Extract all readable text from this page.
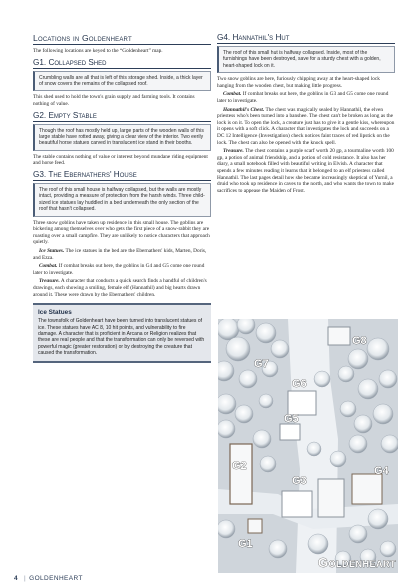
Locations in Goldenheart

The following locations are keyed to the “Goldenheart” map.

G1. Collapsed Shed

Crumbling walls are all that is left of this storage shed. Inside, a thick layer of snow covers the remains of the collapsed roof.

This shed used to hold the town's grain supply and farming tools. It contains nothing of value.

G2. Empty Stable

Though the roof has mostly held up, large parts of the wooden walls of this large stable have rotted away, giving a clear view of the interior. Two eerily beautiful horse statues carved in translucent ice stand in their booths.

The stable contains nothing of value or interest beyond mundane riding equipment and horse feed.

G3. The Ebernathers' House

The roof of this small house is halfway collapsed, but the walls are mostly intact, providing a measure of protection from the harsh winds. Three child-sized ice statues lay huddled in a bed underneath the only section of the roof that hasn't collapsed.

Three snow goblins have taken up residence in this small house. The goblins are bickering among themselves over who gets the first piece of a snow-rabbit they are roasting over a small campfire. They are unlikely to notice characters that approach quietly.

Ice Statues. The ice statues in the bed are the Ebernathers' kids, Marten, Doris, and Ezza.

Combat. If combat breaks out here, the goblins in G4 and G5 come one round later to investigate.

Treasure. A character that conducts a quick search finds a handful of children's drawings, each showing a smiling, female elf (Hannathil) and big hearts drawn around it. These were drawn by the Ebernathers' children.

Ice Statues

The townsfolk of Goldenheart have been turned into translucent statues of ice. These statues have AC 8, 10 hit points, and vulnerability to fire damage. A character that is proficient in Arcana or Religion realizes that these are real people and that the transformation can only be reversed with powerful magic (greater restoration) or by destroying the creature that caused the transformation.

G4. Hannathil's Hut

The roof of this small hut is halfway collapsed. Inside, most of the furnishings have been destroyed, save for a sturdy chest with a golden, heart-shaped lock on it.

Two snow goblins are here, furiously chipping away at the heart-shaped lock hanging from the wooden chest, but making little progress.

Combat. If combat breaks out here, the goblins in G3 and G5 come one round later to investigate.

Hannathil's Chest. The chest was magically sealed by Hannathil, the elven priestess who's been turned into a banshee. The chest can't be broken as long as the lock is on it. To open the lock, a creature just has to give it a gentle kiss, whereupon it opens with a soft click. A character that investigates the lock and succeeds on a DC 12 Intelligence (Investigation) check notices faint traces of red lipstick on the lock. The chest can also be opened with the knock spell.

Treasure. The chest contains a purple scarf worth 20 gp, a tourmaline worth 100 gp, a potion of animal friendship, and a potion of cold resistance. It also has her diary, a small notebook filled with beautiful writing in Elvish. A character that spends a few minutes reading it learns that it belonged to an elf priestess called Hannathil. The last pages detail how she became increasingly skeptical of Yurnil, a druid who took up residence in caves to the north, and who wants the town to make sacrifices to appease the Maiden of Frost.

G8
G7
G6
G5
G2
G3
G4
G1
Goldenheart
4 | GOLDENHEART
